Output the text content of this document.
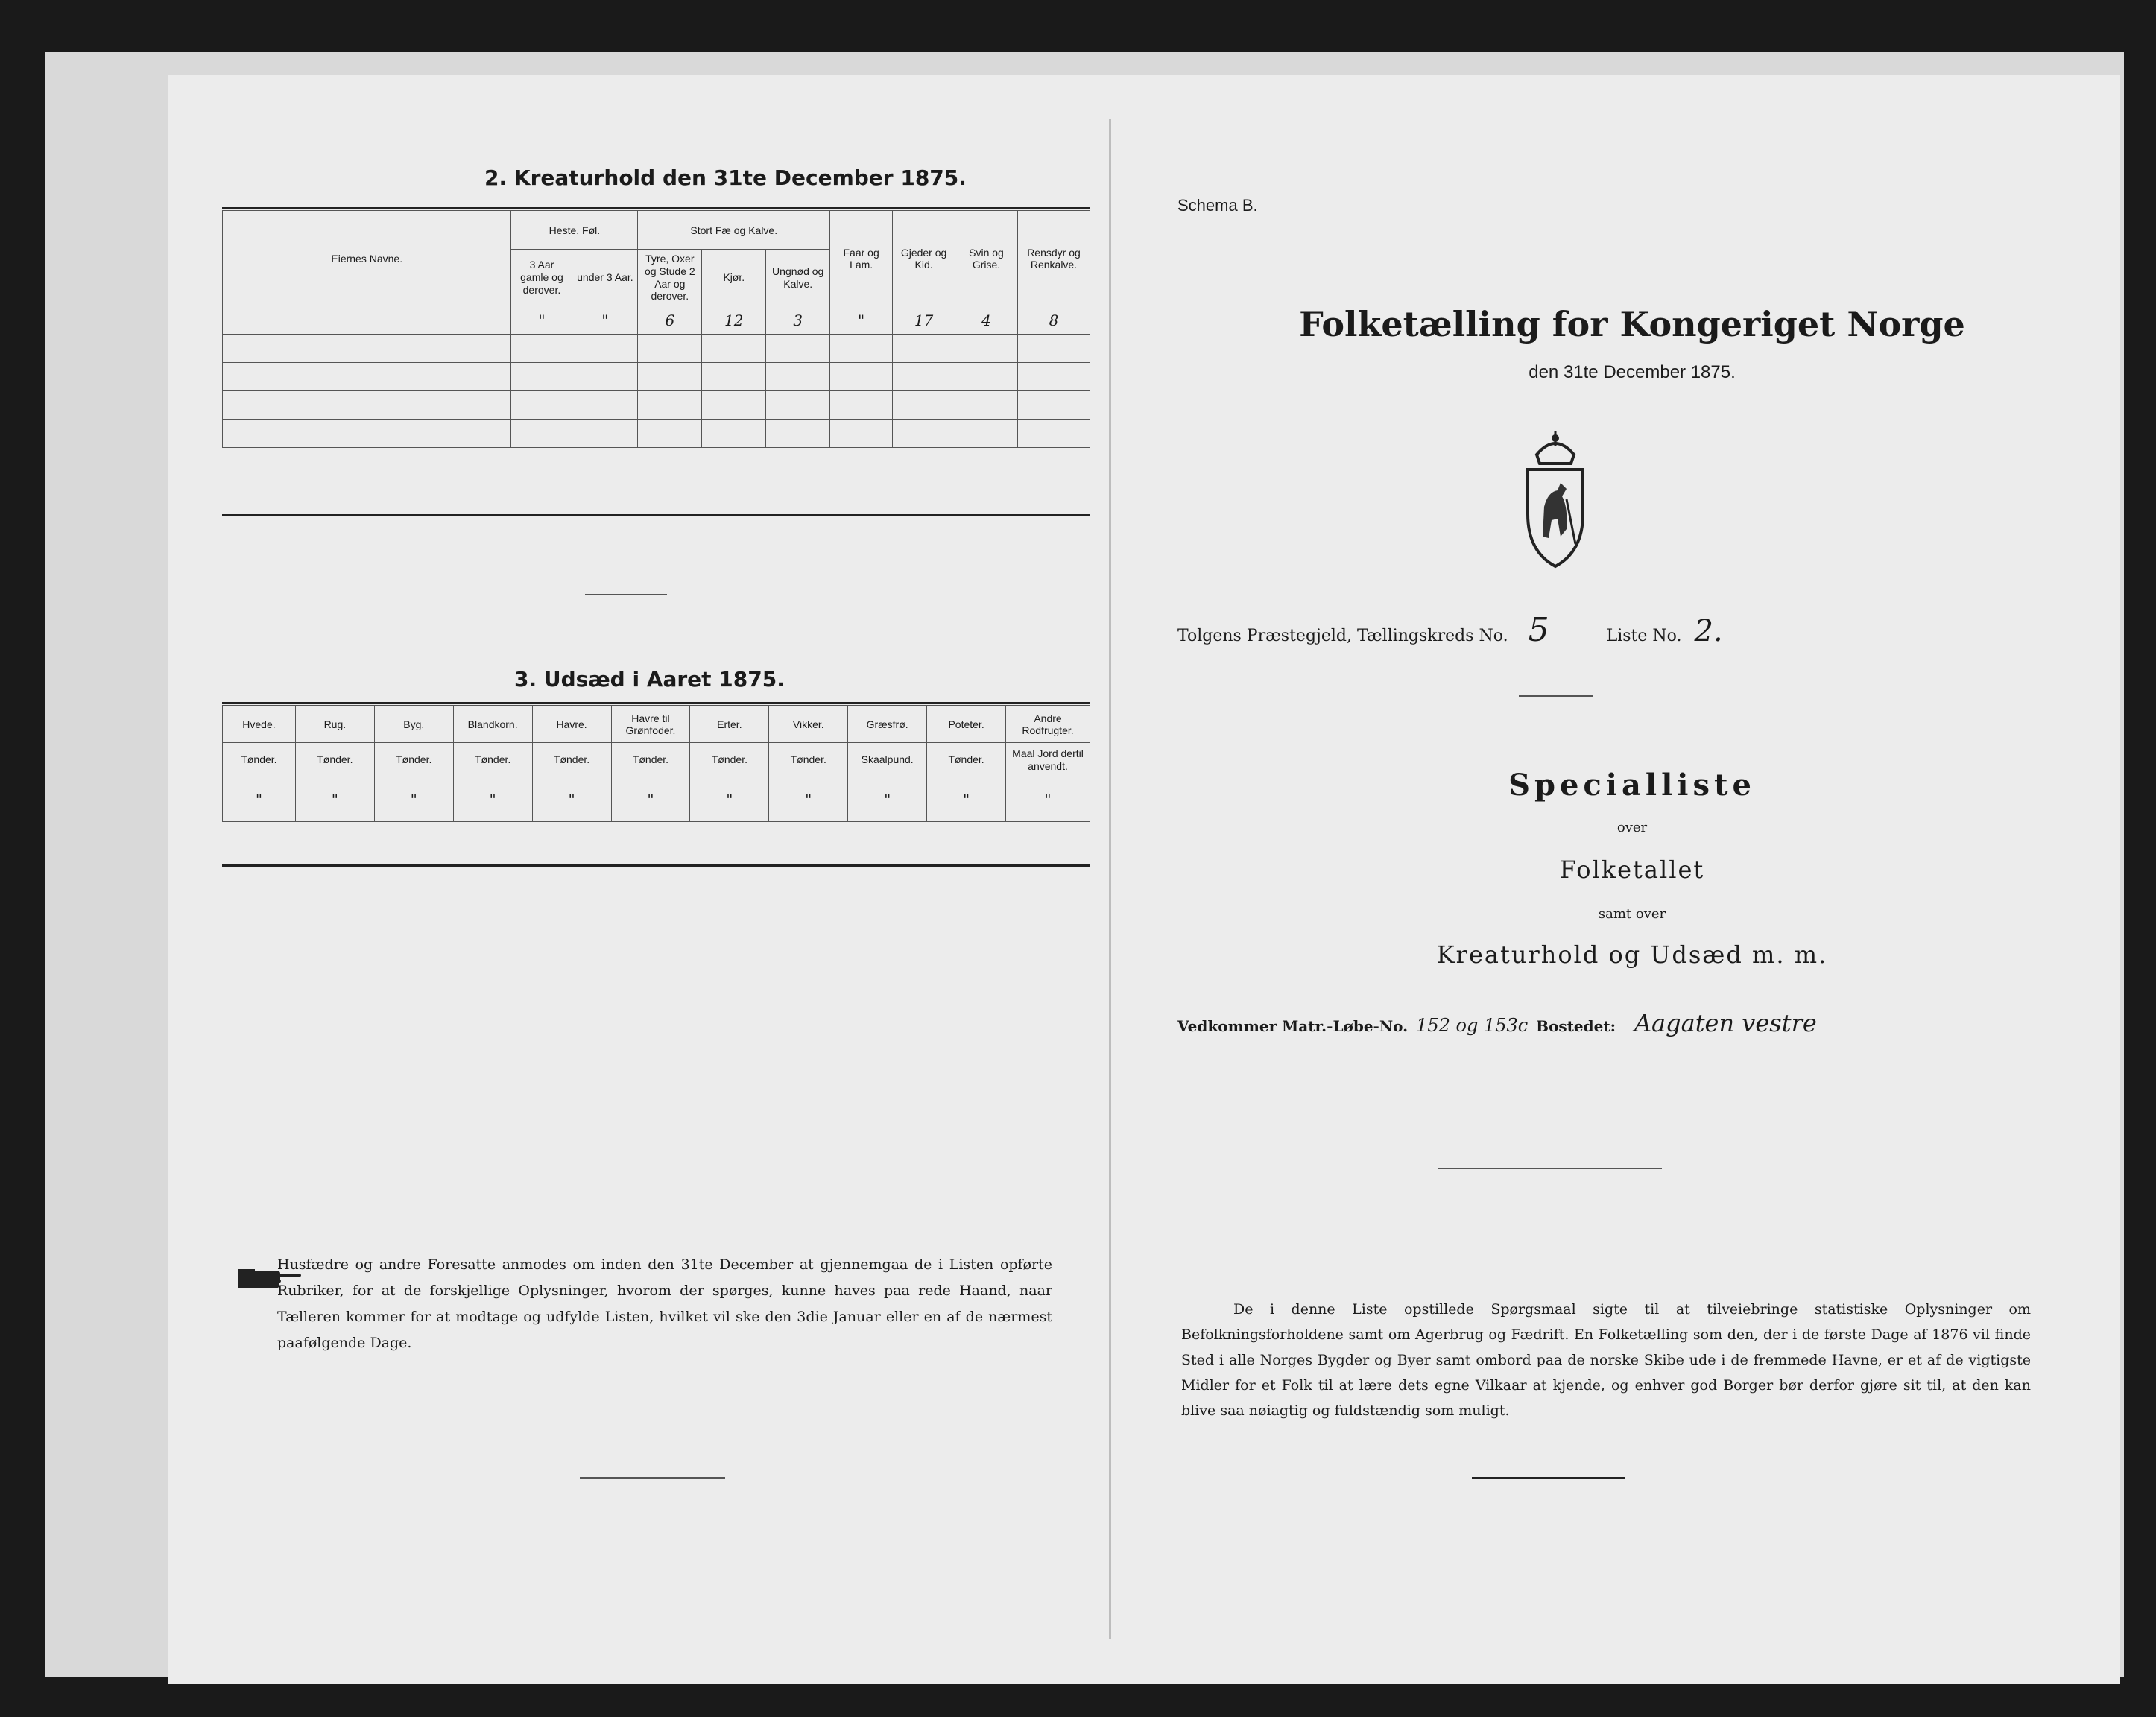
2. Kreaturhold den 31te December 1875.
Eiernes Navne.	Heste, Føl.		Stort Fæ og Kalve.			Faar og Lam.	Gjeder og Kid.	Svin og Grise.	Rensdyr og Renkalve.
	3 Aar gamle og derover.	under 3 Aar.	Tyre, Oxer og Stude 2 Aar og derover.	Kjør.	Ungnød og Kalve.				
	"	"	6	12	3	"	17	4	8

3. Udsæd i Aaret 1875.
Hvede.	Rug.	Byg.	Blandkorn.	Havre.	Havre til Grønfoder.	Erter.	Vikker.	Græsfrø.	Poteter.	Andre Rodfrugter.
Tønder.	Tønder.	Tønder.	Tønder.	Tønder.	Tønder.	Tønder.	Tønder.	Skaalpund.	Tønder.	Maal Jord dertil anvendt.
"	"	"	"	"	"	"	"	"	"	"
Husfædre og andre Foresatte anmodes om inden den 31te December at gjennemgaa de i Listen opførte Rubriker, for at de forskjellige Oplysninger, hvorom der spørges, kunne haves paa rede Haand, naar Tælleren kommer for at modtage og udfylde Listen, hvilket vil ske den 3die Januar eller en af de nærmest paafølgende Dage.
Schema B.
Folketælling for Kongeriget Norge
den 31te December 1875.
Tolgens Præstegjeld, Tællingskreds No. 5	Liste No. 2.
Specialliste
over
Folketallet
samt over
Kreaturhold og Udsæd m. m.
Vedkommer Matr.-Løbe-No. 152 og 153c Bostedet: Aagaten vestre
De i denne Liste opstillede Spørgsmaal sigte til at tilveiebringe statistiske Oplysninger om Befolkningsforholdene samt om Agerbrug og Fædrift. En Folketælling som den, der i de første Dage af 1876 vil finde Sted i alle Norges Bygder og Byer samt ombord paa de norske Skibe ude i de fremmede Havne, er et af de vigtigste Midler for et Folk til at lære dets egne Vilkaar at kjende, og enhver god Borger bør derfor gjøre sit til, at den kan blive saa nøiagtig og fuldstændig som muligt.
